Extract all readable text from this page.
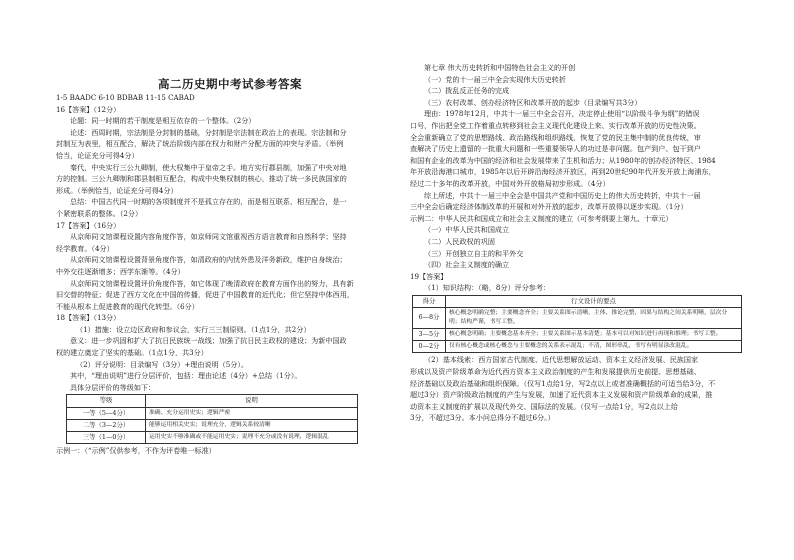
高二历史期中考试参考答案
1-5 BAADC 6-10 BDBAB 11-15 CABAD
16【答案】（12分）
论题：同一时期的若干制度是相互依存的一个整体。（2分）
论述：西周时期，宗法制是分封制的基础，分封制是宗法制在政治上的表现。宗法制和分
封制互为表里，相互配合，解决了统治阶级内部在权力和财产分配方面的冲突与矛盾。（举例
恰当，论证充分可得4分）
秦代，中央实行三公九卿制，使大权集中于皇帝之手。地方实行郡县制，加强了中央对地
方的控制。三公九卿制和郡县制相互配合，构成中央集权制的核心，推动了统一多民族国家的
形成。（举例恰当，论证充分可得4分）
总结：中国古代同一时期的各项制度并不是孤立存在的，而是相互联系、相互配合，是一
个紧密联系的整体。（2分）
17【答案】（16分）
从京师同文馆课程设置内容角度作答，如京师同文馆重视西方语言教育和自然科学；坚持
经学教育。（4分）
从京师同文馆课程设置背景角度作答，如清政府的内忧外患及洋务新政，维护自身统治；
中外交往逐渐增多；西学东渐等。（4分）
从京师同文馆课程设置评价角度作答，如它体现了晚清政府在教育方面作出的努力，具有新
旧交替的特征；促进了西方文化在中国的传播，促进了中国教育的近代化；但它坚持中体西用，
不能从根本上促进教育的现代化转型。（6分）
18【答案】（13分）
（1）措施：设立边区政府和参议会，实行三三制原则。（1点1分，共2分）
意义：进一步巩固和扩大了抗日民族统一战线；加强了抗日民主政权的建设；为新中国政
权的建立奠定了坚实的基础。（1点1分，共3分）
（2）评分说明：目录编写（3分）+理由说明（5分）。
其中，“理由说明”进行分层评价，包括：理由论述（4分）+总结（1分）。
具体分层评价的等级如下：
等级	说明
一等（5—4分）	准确、充分运用史实；逻辑严密
二等（3—2分）	能够运用相关史实；说理充分，逻辑关系较清晰
三等（1—0分）	运用史实不够准确或不能运用史实；说理不充分或没有说理，逻辑混乱
示例一：（“示例”仅供参考，不作为评卷唯一标准）
第七章 伟大历史转折和中国特色社会主义的开创
（一）党的十一届三中全会实现伟大历史转折
（二）拨乱反正任务的完成
（三）农村改革、创办经济特区和改革开放的起步（目录编写共3分）
理由：1978年12月，中共十一届三中全会召开，决定停止使用“以阶级斗争为纲”的错误
口号，作出把全党工作着重点转移到社会主义现代化建设上来、实行改革开放的历史性决策。
全会重新确立了党的思想路线、政治路线和组织路线，恢复了党的民主集中制的优良传统，审
查解决了历史上遗留的一批重大问题和一些重要领导人的功过是非问题。包产到户、包干到户
和国有企业的改革为中国的经济和社会发展带来了生机和活力；从1980年的创办经济特区、1984
年开放沿海港口城市，1985年以后开辟沿海经济开放区，再到20世纪90年代开发开放上海浦东，
经过二十多年的改革开放，中国对外开放格局初步形成。（4分）
综上所述，中共十一届三中全会是中国共产党和中国历史上的伟大历史转折，中共十一届
三中全会后确定经济体制改革的开展和对外开放的起步，改革开放得以逐步实现。（1分）
示例二：中华人民共和国成立和社会主义制度的建立（可参考纲要上第九、十章元）
（一）中华人民共和国成立
（二）人民政权的巩固
（三）开创独立自主的和平外交
（四）社会主义制度的确立
19【答案】
（1）知识结构：（略，8分）评分参考：
得分	行文设计的要点
6—8分	核心概念明确完整；主要概念齐全；主要关系图示清晰，主体、推论完整，因果与结构之间关系明晰，层次分明；结构严谨，书写工整。
3—5分	核心概念明确；主要概念基本齐全；主要关系图示基本清楚；基本可以对知识进行再现和推理；书写工整。
0—2分	仅有核心概念或核心概念与主要概念的关系表示混乱；不清，图形串乱，书写有明显涂改混乱。
（2）基本线索：西方国家古代制度、近代思想解放运动、资本主义经济发展、民族国家
形成以及资产阶级革命为近代西方资本主义政治制度的产生和发展提供历史前提、思想基础、
经济基础以及政治基础和组织保障。（仅写1点给1分，写2点以上或者准确概括的可适当给3分，不
超过3分）资产阶级政治制度的产生与发展，加速了近代资本主义发展和资产阶级革命的成果，推
动资本主义制度的扩展以及现代外交、国际法的发展。（仅写一点给1分，写2点以上给
3分，不超过3分。本小问总得分不超过6分。）
